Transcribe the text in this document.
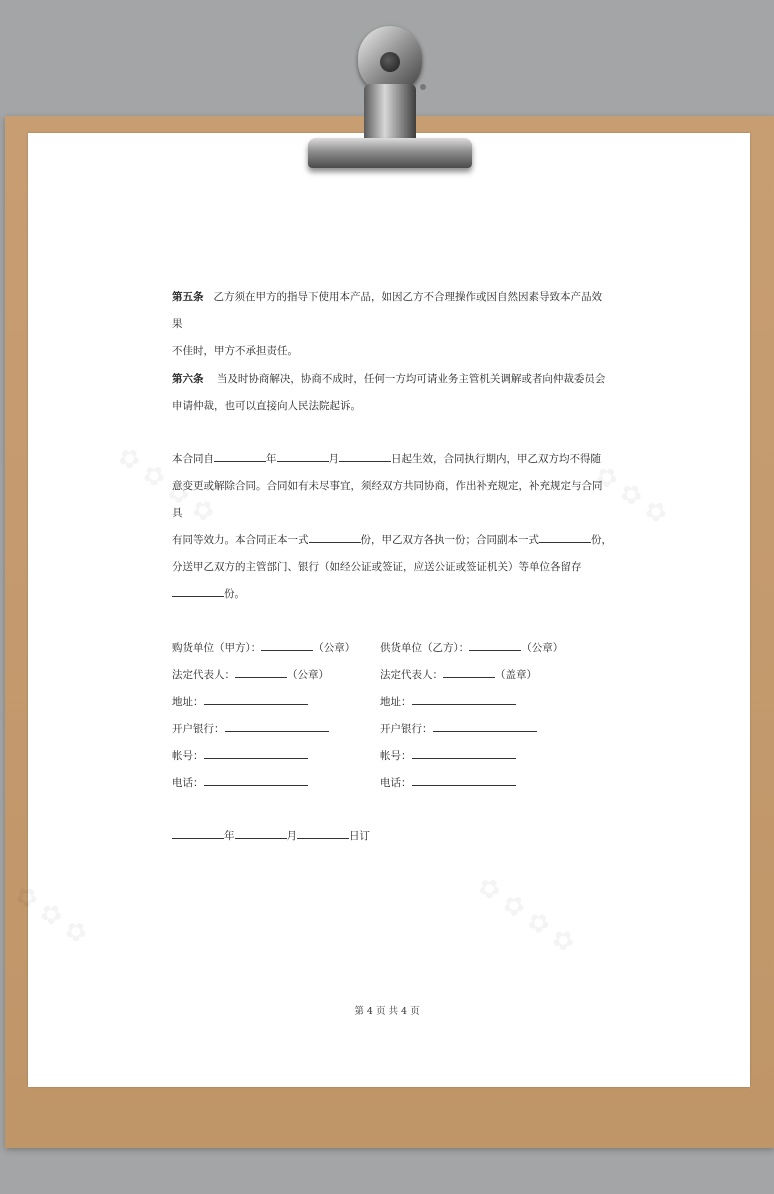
第五条 乙方须在甲方的指导下使用本产品，如因乙方不合理操作或因自然因素导致本产品效果
不佳时，甲方不承担责任。
第六条 当及时协商解决，协商不成时，任何一方均可请业务主管机关调解或者向仲裁委员会
申请仲裁，也可以直接向人民法院起诉。
本合同自	年	月	日起生效，合同执行期内，甲乙双方均不得随
意变更或解除合同。合同如有未尽事宜，须经双方共同协商，作出补充规定，补充规定与合同具
有同等效力。本合同正本一式	份，甲乙双方各执一份；合同副本一式	份，
分送甲乙双方的主管部门、银行（如经公证或签证，应送公证或签证机关）等单位各留存
份。
购货单位（甲方）：	（公章） 供货单位（乙方）：	（公章）
法定代表人：	（公章）	法定代表人：	（盖章）
地址：	地址：
开户银行：	开户银行：
帐号：	帐号：
电话：	电话：
年	月	日订
第 4 页 共 4 页
